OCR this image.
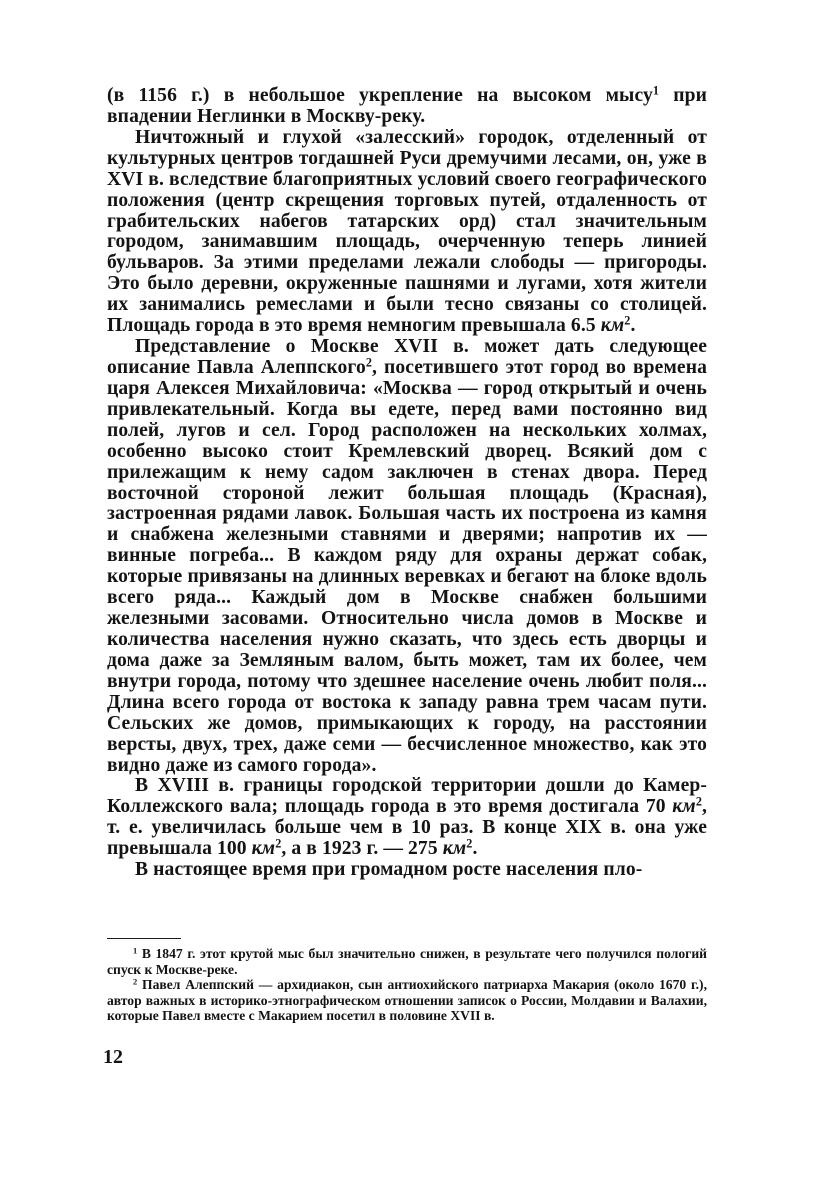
(в 1156 г.) в небольшое укрепление на высоком мысу$^1$ при впадении Неглинки в Москву-реку.

Ничтожный и глухой «залесский» городок, отделенный от культурных центров тогдашней Руси дремучими лесами, он, уже в XVI в. вследствие благоприятных условий своего географического положения (центр скрещения торговых путей, отдаленность от грабительских набегов татарских орд) стал значительным городом, занимавшим площадь, очерченную теперь линией бульваров. За этими пределами лежали слободы — пригороды. Это было деревни, окруженные пашнями и лугами, хотя жители их занимались ремеслами и были тесно связаны со столицей. Площадь города в это время немногим превышала 6.5 $км^2$.

Представление о Москве XVII в. может дать следующее описание Павла Алеппского$^2$, посетившего этот город во времена царя Алексея Михайловича: «Москва — город открытый и очень привлекательный. Когда вы едете, перед вами постоянно вид полей, лугов и сел. Город расположен на нескольких холмах, особенно высоко стоит Кремлевский дворец. Всякий дом с прилежащим к нему садом заключен в стенах двора. Перед восточной стороной лежит большая площадь (Красная), застроенная рядами лавок. Большая часть их построена из камня и снабжена железными ставнями и дверями; напротив их — винные погреба... В каждом ряду для охраны держат собак, которые привязаны на длинных веревках и бегают на блоке вдоль всего ряда... Каждый дом в Москве снабжен большими железными засовами. Относительно числа домов в Москве и количества населения нужно сказать, что здесь есть дворцы и дома даже за Земляным валом, быть может, там их более, чем внутри города, потому что здешнее население очень любит поля... Длина всего города от востока к западу равна трем часам пути. Сельских же домов, примыкающих к городу, на расстоянии версты, двух, трех, даже семи — бесчисленное множество, как это видно даже из самого города».

В XVIII в. границы городской территории дошли до Камер-Коллежского вала; площадь города в это время достигала 70 $км^2$, т. е. увеличилась больше чем в 10 раз. В конце XIX в. она уже превышала 100 $км^2$, а в 1923 г. — 275 $км^2$.

В настоящее время при громадном росте населения пло-

$^1$ В 1847 г. этот крутой мыс был значительно снижен, в результате чего получился пологий спуск к Москве-реке.

$^2$ Павел Алеппский — архидиакон, сын антиохийского патриарха Макария (около 1670 г.), автор важных в историко-этнографическом отношении записок о России, Молдавии и Валахии, которые Павел вместе с Макарием посетил в половине XVII в.

12
